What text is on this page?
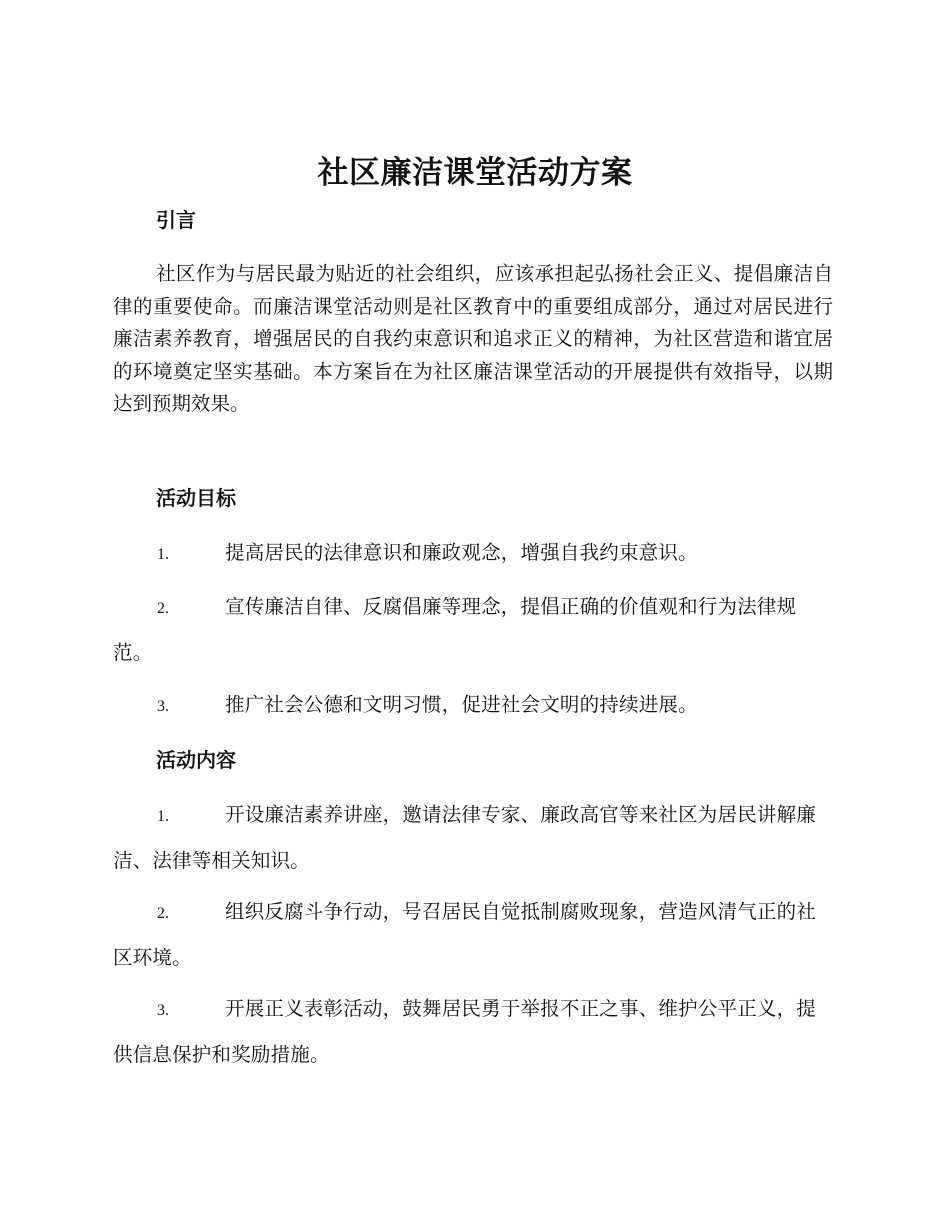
社区廉洁课堂活动方案
引言
社区作为与居民最为贴近的社会组织，应该承担起弘扬社会正义、提倡廉洁自律的重要使命。而廉洁课堂活动则是社区教育中的重要组成部分，通过对居民进行廉洁素养教育，增强居民的自我约束意识和追求正义的精神，为社区营造和谐宜居的环境奠定坚实基础。本方案旨在为社区廉洁课堂活动的开展提供有效指导，以期达到预期效果。
活动目标
1.	提高居民的法律意识和廉政观念，增强自我约束意识。
2.	宣传廉洁自律、反腐倡廉等理念，提倡正确的价值观和行为法律规范。
3.	推广社会公德和文明习惯，促进社会文明的持续进展。
活动内容
1.	开设廉洁素养讲座，邀请法律专家、廉政高官等来社区为居民讲解廉洁、法律等相关知识。
2.	组织反腐斗争行动，号召居民自觉抵制腐败现象，营造风清气正的社区环境。
3.	开展正义表彰活动，鼓舞居民勇于举报不正之事、维护公平正义，提供信息保护和奖励措施。
